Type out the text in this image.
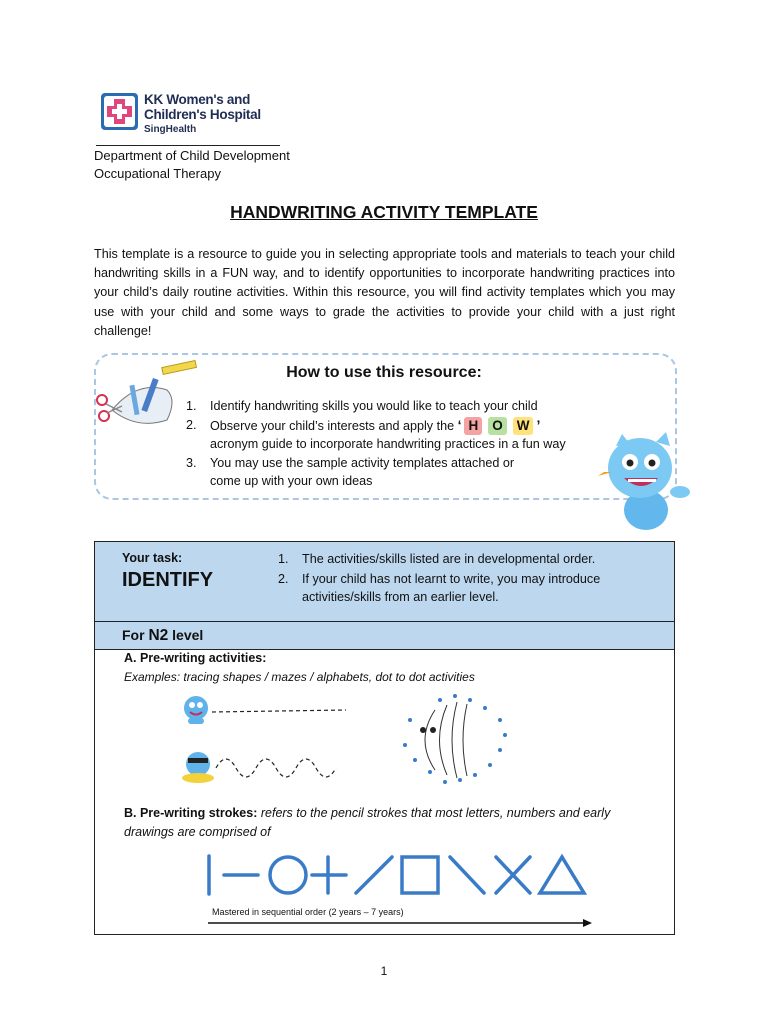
KK Women's and
Children's Hospital
SingHealth
Department of Child Development
Occupational Therapy
HANDWRITING ACTIVITY TEMPLATE
This template is a resource to guide you in selecting appropriate tools and materials to teach your child handwriting skills in a FUN way, and to identify opportunities to incorporate handwriting practices into your child’s daily routine activities. Within this resource, you will find activity templates which you may use with your child and some ways to grade the activities to provide your child with a just right challenge!
How to use this resource:
1. Identify handwriting skills you would like to teach your child
2. Observe your child’s interests and apply the ‘ H O W ’
acronym guide to incorporate handwriting practices in a fun way
3. You may use the sample activity templates attached or
come up with your own ideas
Your task:
IDENTIFY
1. The activities/skills listed are in developmental order.
2. If your child has not learnt to write, you may introduce activities/skills from an earlier level.
For N2 level
A. Pre-writing activities:
Examples: tracing shapes / mazes / alphabets, dot to dot activities
B. Pre-writing strokes: refers to the pencil strokes that most letters, numbers and early drawings are comprised of
Mastered in sequential order (2 years – 7 years)
1
